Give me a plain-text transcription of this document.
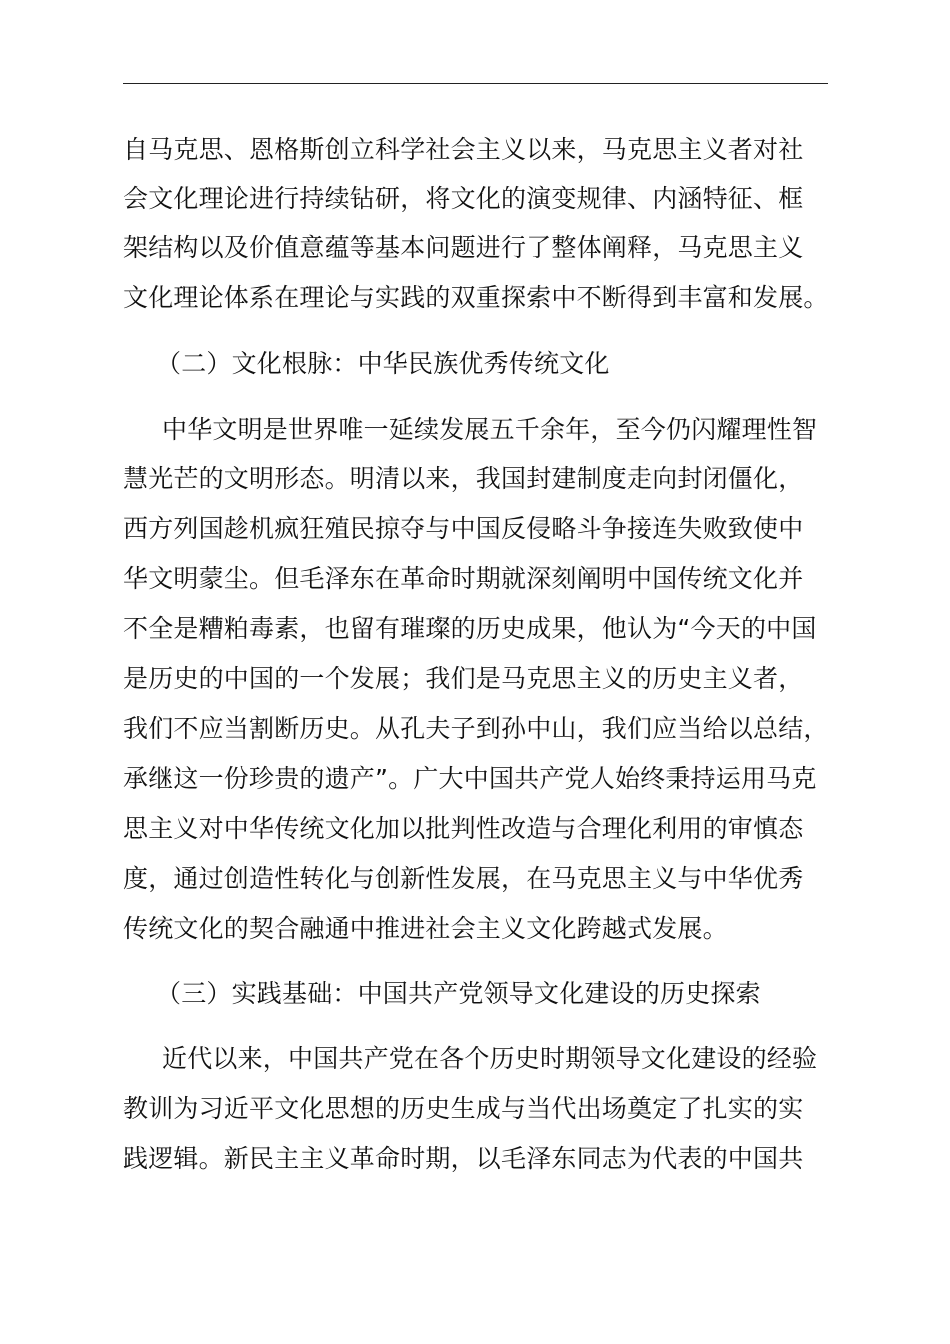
自马克思、恩格斯创立科学社会主义以来，马克思主义者对社
会文化理论进行持续钻研，将文化的演变规律、内涵特征、框
架结构以及价值意蕴等基本问题进行了整体阐释，马克思主义
文化理论体系在理论与实践的双重探索中不断得到丰富和发展。
（二）文化根脉：中华民族优秀传统文化
中华文明是世界唯一延续发展五千余年，至今仍闪耀理性智
慧光芒的文明形态。明清以来，我国封建制度走向封闭僵化，
西方列国趁机疯狂殖民掠夺与中国反侵略斗争接连失败致使中
华文明蒙尘。但毛泽东在革命时期就深刻阐明中国传统文化并
不全是糟粕毒素，也留有璀璨的历史成果，他认为“今天的中国
是历史的中国的一个发展；我们是马克思主义的历史主义者，
我们不应当割断历史。从孔夫子到孙中山，我们应当给以总结，
承继这一份珍贵的遗产”。广大中国共产党人始终秉持运用马克
思主义对中华传统文化加以批判性改造与合理化利用的审慎态
度，通过创造性转化与创新性发展，在马克思主义与中华优秀
传统文化的契合融通中推进社会主义文化跨越式发展。
（三）实践基础：中国共产党领导文化建设的历史探索
近代以来，中国共产党在各个历史时期领导文化建设的经验
教训为习近平文化思想的历史生成与当代出场奠定了扎实的实
践逻辑。新民主主义革命时期，以毛泽东同志为代表的中国共
